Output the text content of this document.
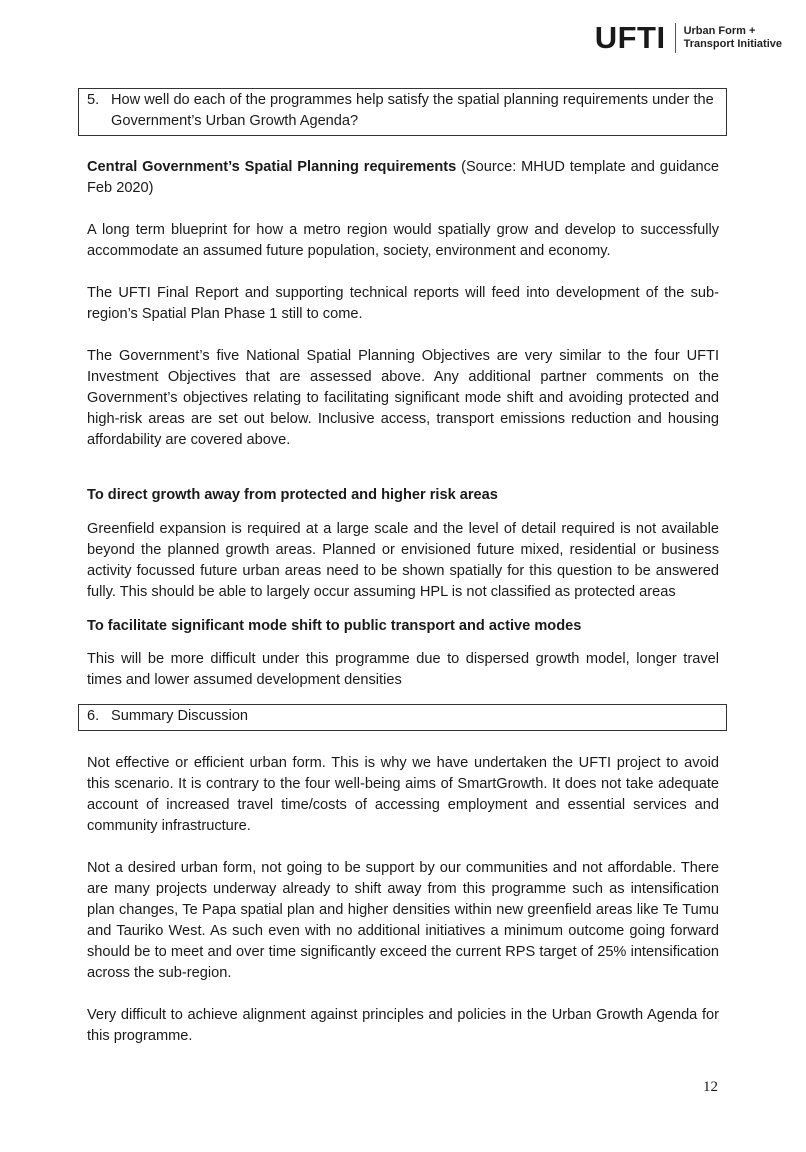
UFTI Urban Form +
Transport Initiative
5. How well do each of the programmes help satisfy the spatial planning requirements under the Government’s Urban Growth Agenda?

Central Government’s Spatial Planning requirements (Source: MHUD template and guidance Feb 2020)

A long term blueprint for how a metro region would spatially grow and develop to successfully accommodate an assumed future population, society, environment and economy.

The UFTI Final Report and supporting technical reports will feed into development of the sub-region’s Spatial Plan Phase 1 still to come.

The Government’s five National Spatial Planning Objectives are very similar to the four UFTI Investment Objectives that are assessed above. Any additional partner comments on the Government’s objectives relating to facilitating significant mode shift and avoiding protected and high-risk areas are set out below. Inclusive access, transport emissions reduction and housing affordability are covered above.

To direct growth away from protected and higher risk areas

Greenfield expansion is required at a large scale and the level of detail required is not available beyond the planned growth areas. Planned or envisioned future mixed, residential or business activity focussed future urban areas need to be shown spatially for this question to be answered fully. This should be able to largely occur assuming HPL is not classified as protected areas

To facilitate significant mode shift to public transport and active modes

This will be more difficult under this programme due to dispersed growth model, longer travel times and lower assumed development densities

6. Summary Discussion

Not effective or efficient urban form. This is why we have undertaken the UFTI project to avoid this scenario. It is contrary to the four well-being aims of SmartGrowth. It does not take adequate account of increased travel time/costs of accessing employment and essential services and community infrastructure.

Not a desired urban form, not going to be support by our communities and not affordable. There are many projects underway already to shift away from this programme such as intensification plan changes, Te Papa spatial plan and higher densities within new greenfield areas like Te Tumu and Tauriko West. As such even with no additional initiatives a minimum outcome going forward should be to meet and over time significantly exceed the current RPS target of 25% intensification across the sub-region.

Very difficult to achieve alignment against principles and policies in the Urban Growth Agenda for this programme.

12
